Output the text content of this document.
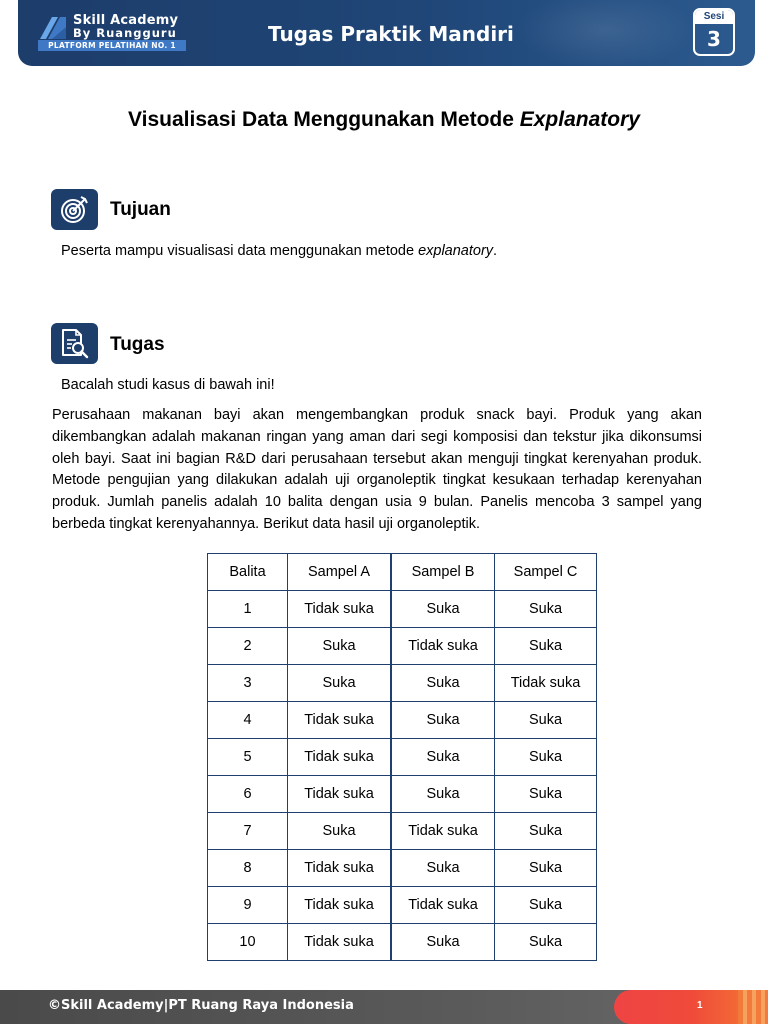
Skill Academy
By Ruangguru
PLATFORM PELATIHAN NO. 1	Tugas Praktik Mandiri
Sesi
3
Visualisasi Data Menggunakan Metode Explanatory
Tujuan
Peserta mampu visualisasi data menggunakan metode explanatory.
Tugas
Bacalah studi kasus di bawah ini!
Perusahaan makanan bayi akan mengembangkan produk snack bayi. Produk yang akan dikembangkan adalah makanan ringan yang aman dari segi komposisi dan tekstur jika dikonsumsi oleh bayi. Saat ini bagian R&D dari perusahaan tersebut akan menguji tingkat kerenyahan produk. Metode pengujian yang dilakukan adalah uji organoleptik tingkat kesukaan terhadap kerenyahan produk. Jumlah panelis adalah 10 balita dengan usia 9 bulan. Panelis mencoba 3 sampel yang berbeda tingkat kerenyahannya. Berikut data hasil uji organoleptik.
Balita	Sampel A	Sampel B	Sampel C
1	Tidak suka	Suka	Suka
2	Suka	Tidak suka	Suka
3	Suka	Suka	Tidak suka
4	Tidak suka	Suka	Suka
5	Tidak suka	Suka	Suka
6	Tidak suka	Suka	Suka
7	Suka	Tidak suka	Suka
8	Tidak suka	Suka	Suka
9	Tidak suka	Tidak suka	Suka
10	Tidak suka	Suka	Suka
©Skill Academy|PT Ruang Raya Indonesia	1
